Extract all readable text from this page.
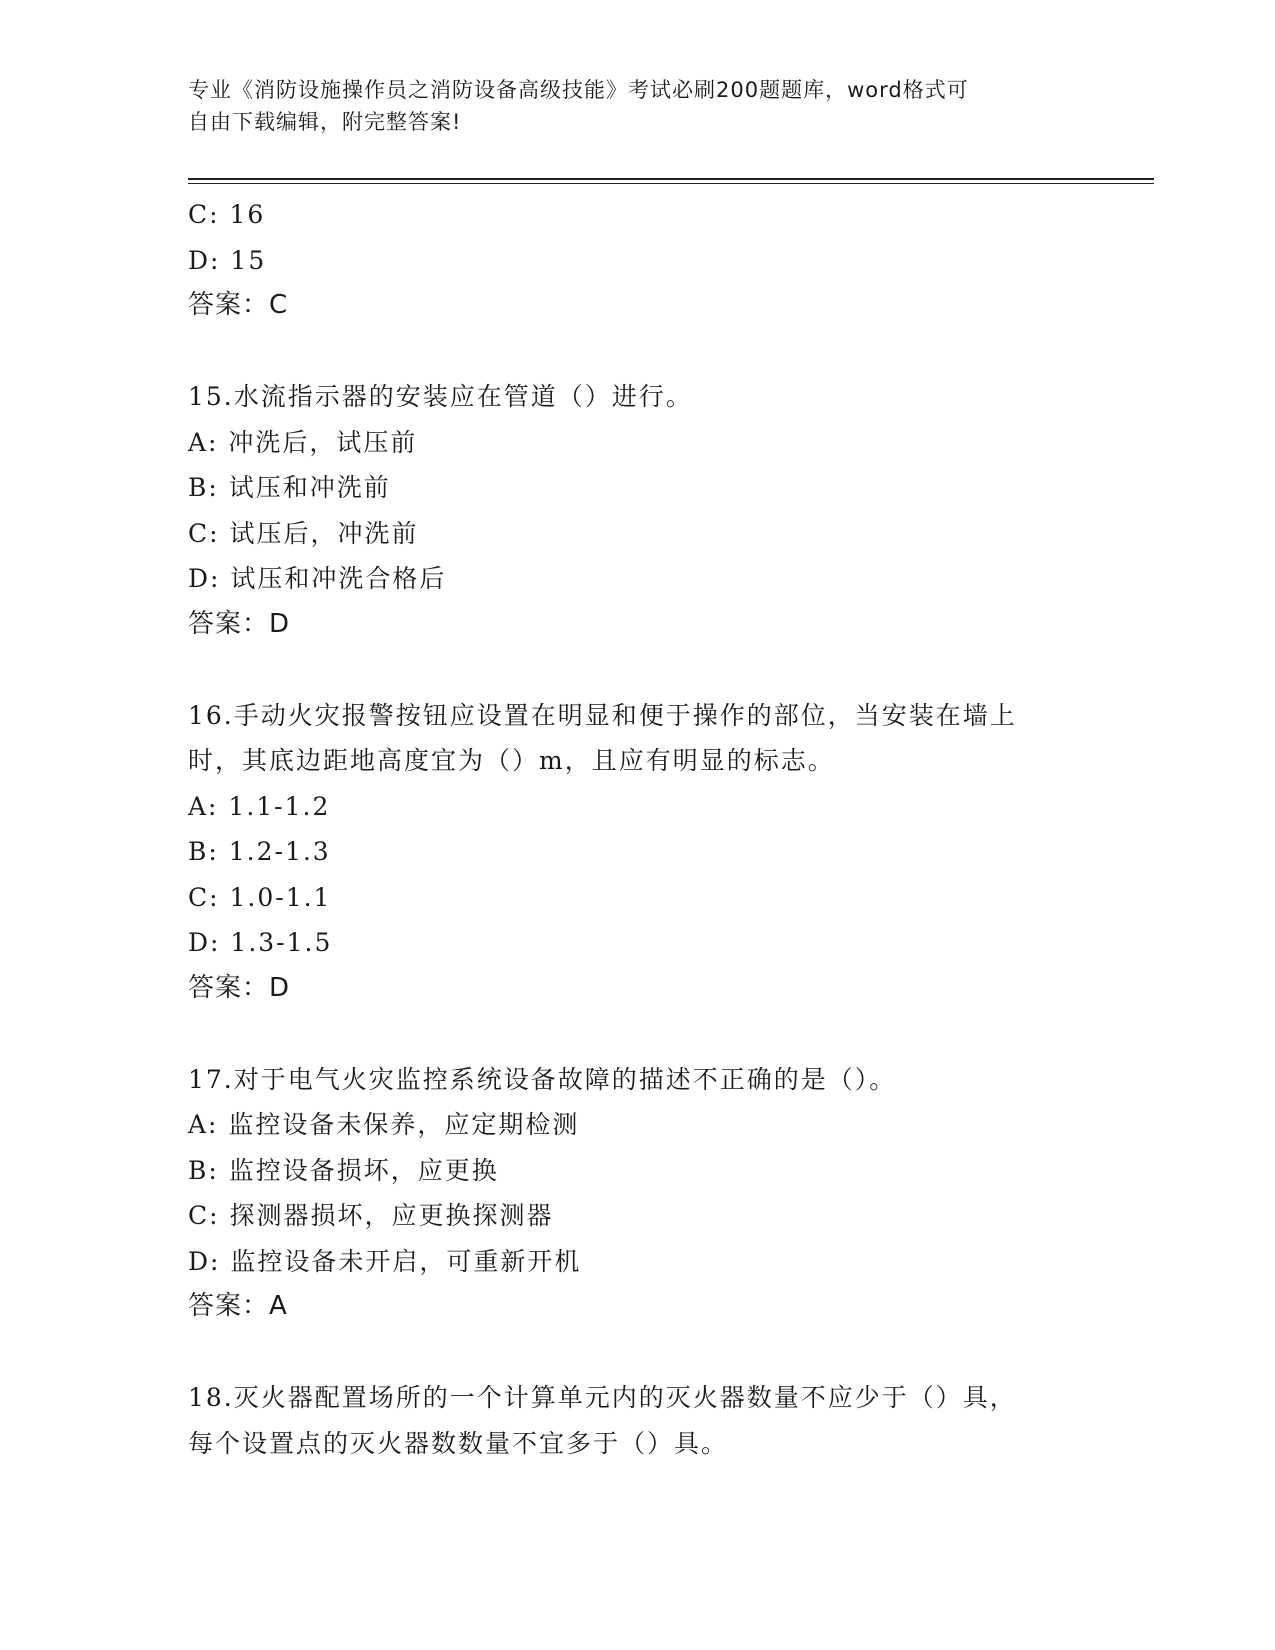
专业《消防设施操作员之消防设备高级技能》考试必刷200题题库，word格式可
自由下载编辑，附完整答案!
C: 16
D: 15
答案：C
15.水流指示器的安装应在管道（）进行。
A: 冲洗后，试压前
B: 试压和冲洗前
C: 试压后，冲洗前
D: 试压和冲洗合格后
答案：D
16.手动火灾报警按钮应设置在明显和便于操作的部位，当安装在墙上
时，其底边距地高度宜为（）m，且应有明显的标志。
A: 1.1-1.2
B: 1.2-1.3
C: 1.0-1.1
D: 1.3-1.5
答案：D
17.对于电气火灾监控系统设备故障的描述不正确的是（）。
A: 监控设备未保养，应定期检测
B: 监控设备损坏，应更换
C: 探测器损坏，应更换探测器
D: 监控设备未开启，可重新开机
答案：A
18.灭火器配置场所的一个计算单元内的灭火器数量不应少于（）具，
每个设置点的灭火器数数量不宜多于（）具。
